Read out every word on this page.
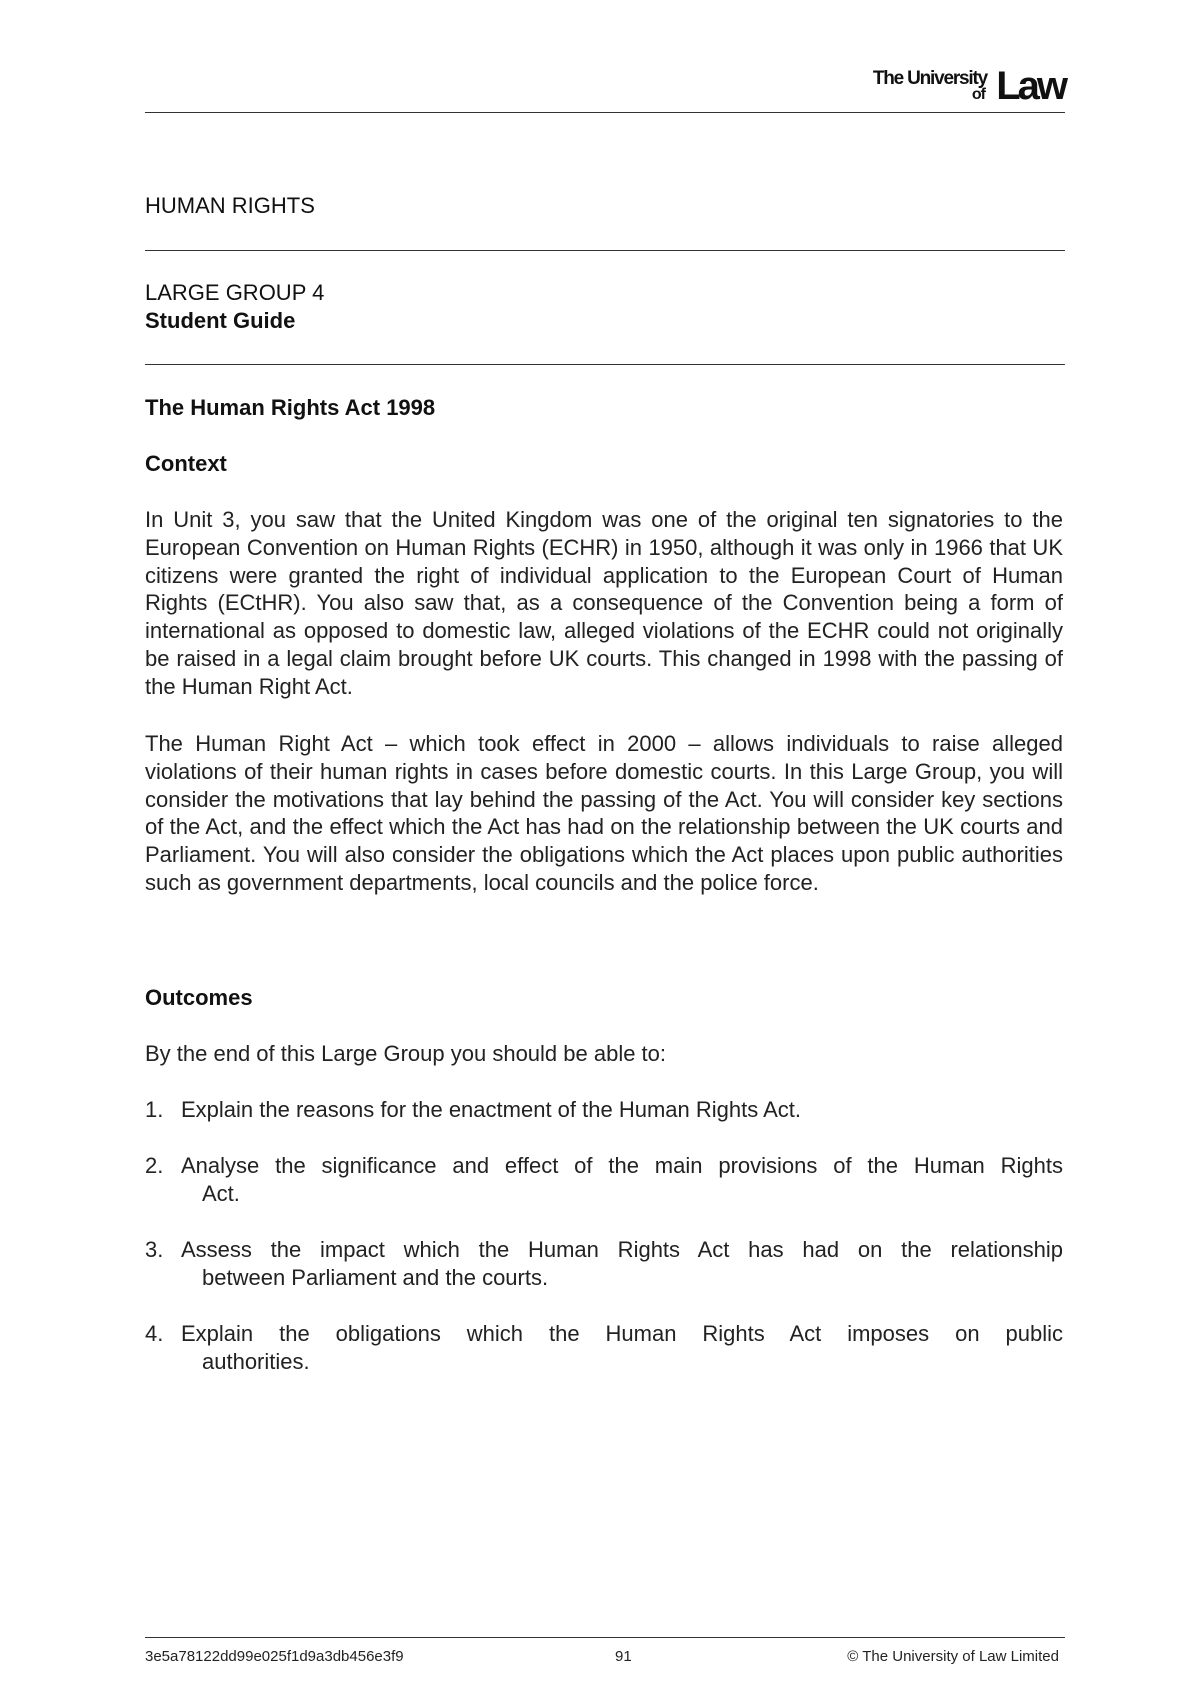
The University
of Law
HUMAN RIGHTS
LARGE GROUP 4
Student Guide
The Human Rights Act 1998
Context
In Unit 3, you saw that the United Kingdom was one of the original ten signatories to the European Convention on Human Rights (ECHR) in 1950, although it was only in 1966 that UK citizens were granted the right of individual application to the European Court of Human Rights (ECtHR). You also saw that, as a consequence of the Convention being a form of international as opposed to domestic law, alleged violations of the ECHR could not originally be raised in a legal claim brought before UK courts. This changed in 1998 with the passing of the Human Right Act.
The Human Right Act – which took effect in 2000 – allows individuals to raise alleged violations of their human rights in cases before domestic courts. In this Large Group, you will consider the motivations that lay behind the passing of the Act. You will consider key sections of the Act, and the effect which the Act has had on the relationship between the UK courts and Parliament. You will also consider the obligations which the Act places upon public authorities such as government departments, local councils and the police force.
Outcomes
By the end of this Large Group you should be able to:
1. Explain the reasons for the enactment of the Human Rights Act.
2. Analyse the significance and effect of the main provisions of the Human Rights
Act.
3. Assess the impact which the Human Rights Act has had on the relationship
between Parliament and the courts.
4. Explain the obligations which the Human Rights Act imposes on public
authorities.
3e5a78122dd99e025f1d9a3db456e3f9	91	© The University of Law Limited
